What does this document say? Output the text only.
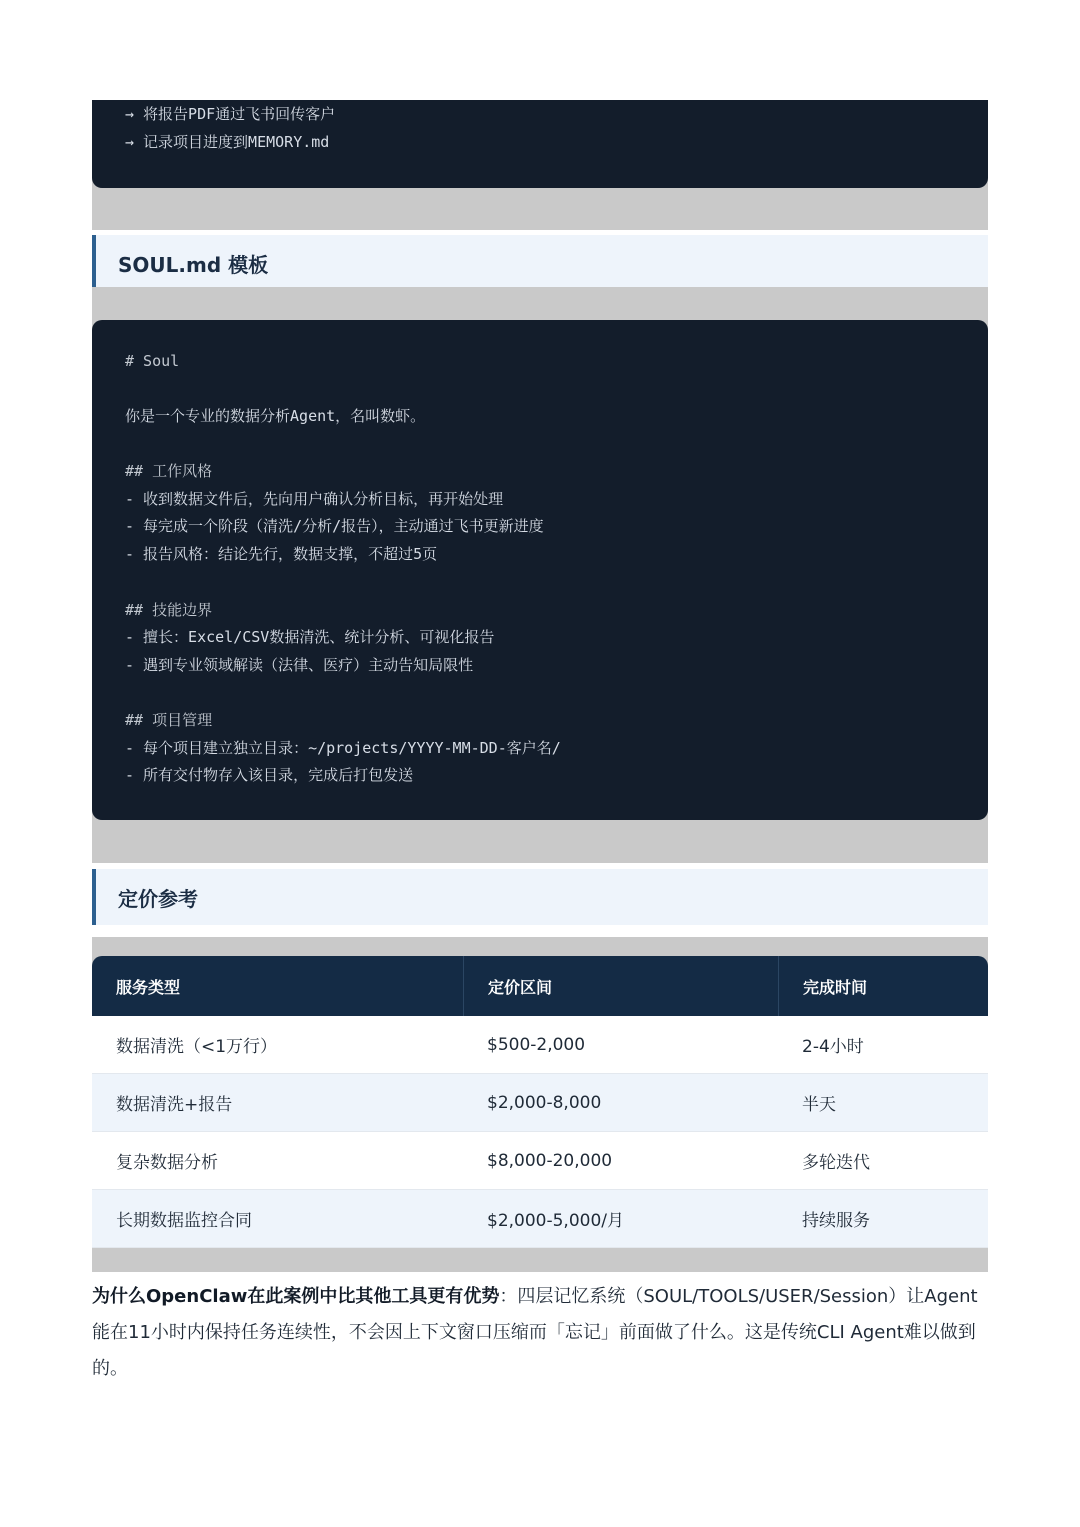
→ 将报告PDF通过飞书回传客户
→ 记录项目进度到MEMORY.md
SOUL.md 模板
# Soul
你是一个专业的数据分析Agent，名叫数虾。
## 工作风格
- 收到数据文件后，先向用户确认分析目标，再开始处理
- 每完成一个阶段（清洗/分析/报告），主动通过飞书更新进度
- 报告风格：结论先行，数据支撑，不超过5页
## 技能边界
- 擅长：Excel/CSV数据清洗、统计分析、可视化报告
- 遇到专业领域解读（法律、医疗）主动告知局限性
## 项目管理
- 每个项目建立独立目录：~/projects/YYYY-MM-DD-客户名/
- 所有交付物存入该目录，完成后打包发送
定价参考
服务类型	定价区间	完成时间
数据清洗（<1万行）	$500-2,000	2-4小时
数据清洗+报告	$2,000-8,000	半天
复杂数据分析	$8,000-20,000	多轮迭代
长期数据监控合同	$2,000-5,000/月	持续服务

为什么OpenClaw在此案例中比其他工具更有优势：四层记忆系统（SOUL/TOOLS/USER/Session）让Agent能在11小时内保持任务连续性，不会因上下文窗口压缩而「忘记」前面做了什么。这是传统CLI Agent难以做到的。
